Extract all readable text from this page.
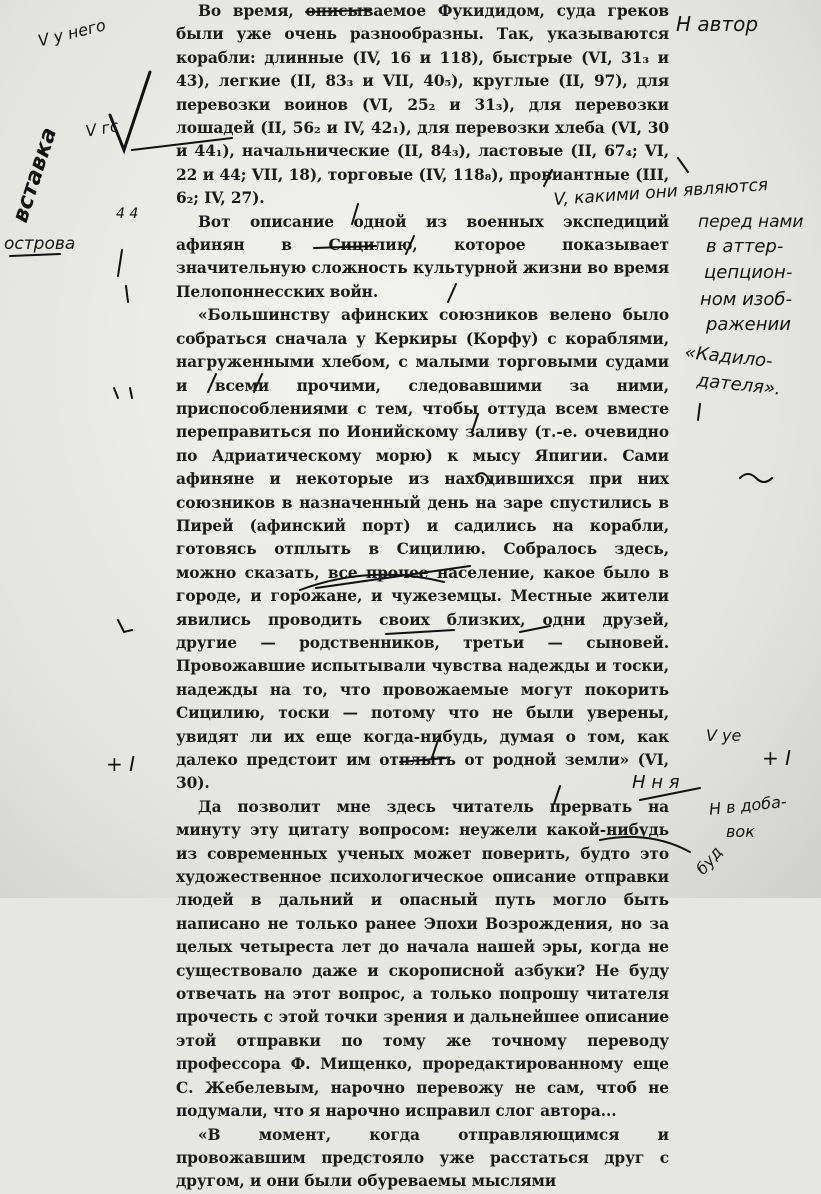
Во время, описываемое Фукидидом, суда греков были уже очень разнообразны. Так, указываются корабли: длинные (IV, 16 и 118), быстрые (VI, 31₃ и 43), легкие (II, 83₃ и VII, 40₅), круглые (II, 97), для перевозки воинов (VI, 25₂ и 31₃), для перевозки лошадей (II, 56₂ и IV, 42₁), для перевозки хлеба (VI, 30 и 44₁), начальнические (II, 84₃), ластовые (II, 67₄; VI, 22 и 44; VII, 18), торговые (IV, 118₈), провиантные (III, 6₂; IV, 27).

Вот описание одной из военных экспедиций афинян в Сицилию, которое показывает значительную сложность культурной жизни во время Пелопоннесских войн.

«Большинству афинских союзников велено было собраться сначала у Керкиры (Корфу) с кораблями, нагруженными хлебом, с малыми торговыми судами и всеми прочими, следовавшими за ними, приспособлениями с тем, чтобы оттуда всем вместе переправиться по Ионийскому заливу (т.-е. очевидно по Адриатическому морю) к мысу Япигии. Сами афиняне и некоторые из находившихся при них союзников в назначенный день на заре спустились в Пирей (афинский порт) и садились на корабли, готовясь отплыть в Сицилию. Собралось здесь, можно сказать, все прочее население, какое было в городе, и горожане, и чужеземцы. Местные жители явились проводить своих близких, одни друзей, другие — родственников, третьи — сыновей. Провожавшие испытывали чувства надежды и тоски, надежды на то, что провожаемые могут покорить Сицилию, тоски — потому что не были уверены, увидят ли их еще когда-нибудь, думая о том, как далеко предстоит им отплыть от родной земли» (VI, 30).

Да позволит мне здесь читатель прервать на минуту эту цитату вопросом: неужели какой-нибудь из современных ученых может поверить, будто это художественное психологическое описание отправки людей в дальний и опасный путь могло быть написано не только ранее Эпохи Возрождения, но за целых четыреста лет до начала нашей эры, когда не существовало даже и скорописной азбуки? Не буду отвечать на этот вопрос, а только попрошу читателя прочесть с этой точки зрения и дальнейшее описание этой отправки по тому же точному переводу профессора Ф. Мищенко, проредактированному еще С. Жебелевым, нарочно перевожу не сам, чтоб не подумали, что я нарочно исправил слог автора...

«В момент, когда отправляющимся и провожавшим предстояло уже расстаться друг с другом, и они были обуреваемы мыслями

V у него	Н автор
V гс
вставка
острова
4 4
V, какими они являются
перед нами
в аттер-
цепцион-
ном изоб-
ражении
«Кадило-
дателя».
V уе
Н н я
Н в доба-
вок
буд
+ I	+ I
